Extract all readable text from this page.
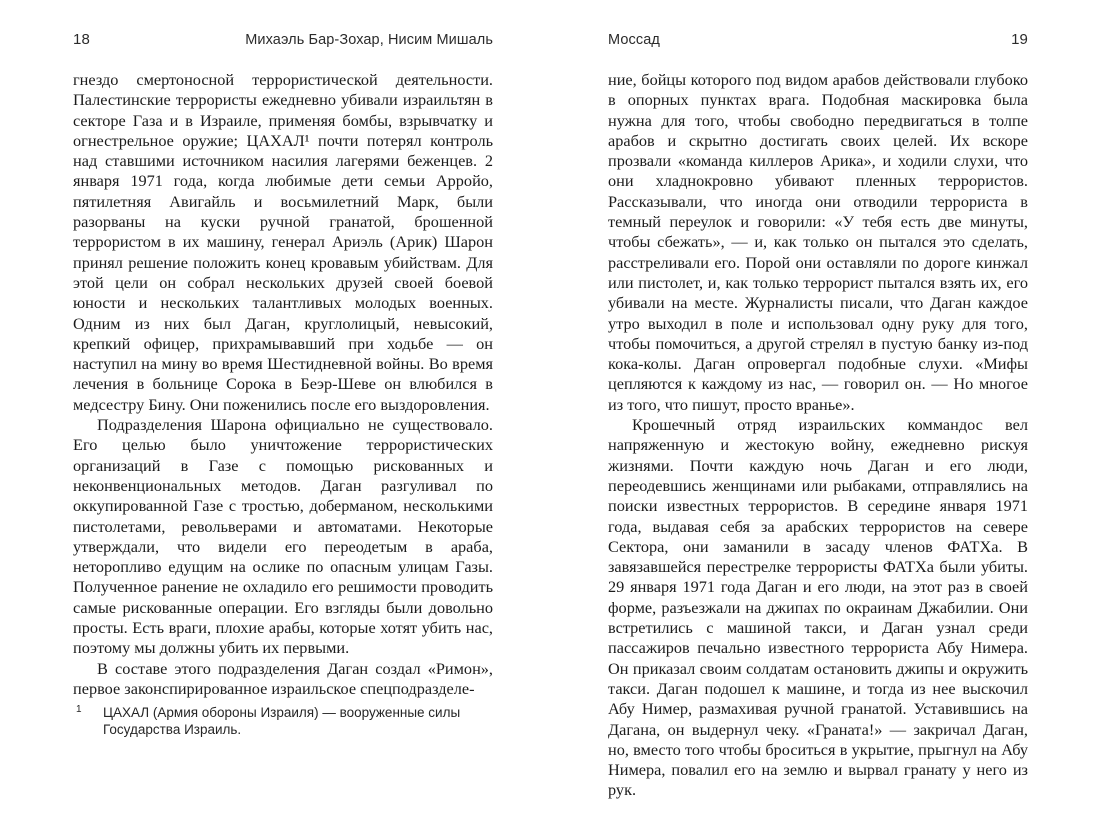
18	Михаэль Бар-Зохар, Нисим Мишаль

гнездо смертоносной террористической деятельности. Палестинские террористы ежедневно убивали израильтян в секторе Газа и в Израиле, применяя бомбы, взрывчатку и огнестрельное оружие; ЦАХАЛ¹ почти потерял контроль над ставшими источником насилия лагерями беженцев. 2 января 1971 года, когда любимые дети семьи Арройо, пятилетняя Авигайль и восьмилетний Марк, были разорваны на куски ручной гранатой, брошенной террористом в их машину, генерал Ариэль (Арик) Шарон принял решение положить конец кровавым убийствам. Для этой цели он собрал нескольких друзей своей боевой юности и нескольких талантливых молодых военных. Одним из них был Даган, круглолицый, невысокий, крепкий офицер, прихрамывавший при ходьбе — он наступил на мину во время Шестидневной войны. Во время лечения в больнице Сорока в Беэр-Шеве он влюбился в медсестру Бину. Они поженились после его выздоровления.

Подразделения Шарона официально не существовало. Его целью было уничтожение террористических организаций в Газе с помощью рискованных и неконвенциональных методов. Даган разгуливал по оккупированной Газе с тростью, доберманом, несколькими пистолетами, револьверами и автоматами. Некоторые утверждали, что видели его переодетым в араба, неторопливо едущим на ослике по опасным улицам Газы. Полученное ранение не охладило его решимости проводить самые рискованные операции. Его взгляды были довольно просты. Есть враги, плохие арабы, которые хотят убить нас, поэтому мы должны убить их первыми.

В составе этого подразделения Даган создал «Римон», первое законспирированное израильское спецподразделе-

1	ЦАХАЛ (Армия обороны Израиля) — вооруженные силы Государства Израиль.
Моссад	19

ние, бойцы которого под видом арабов действовали глубоко в опорных пунктах врага. Подобная маскировка была нужна для того, чтобы свободно передвигаться в толпе арабов и скрытно достигать своих целей. Их вскоре прозвали «команда киллеров Арика», и ходили слухи, что они хладнокровно убивают пленных террористов. Рассказывали, что иногда они отводили террориста в темный переулок и говорили: «У тебя есть две минуты, чтобы сбежать», — и, как только он пытался это сделать, расстреливали его. Порой они оставляли по дороге кинжал или пистолет, и, как только террорист пытался взять их, его убивали на месте. Журналисты писали, что Даган каждое утро выходил в поле и использовал одну руку для того, чтобы помочиться, а другой стрелял в пустую банку из-под кока-колы. Даган опровергал подобные слухи. «Мифы цепляются к каждому из нас, — говорил он. — Но многое из того, что пишут, просто вранье».

Крошечный отряд израильских коммандос вел напряженную и жестокую войну, ежедневно рискуя жизнями. Почти каждую ночь Даган и его люди, переодевшись женщинами или рыбаками, отправлялись на поиски известных террористов. В середине января 1971 года, выдавая себя за арабских террористов на севере Сектора, они заманили в засаду членов ФАТХа. В завязавшейся перестрелке террористы ФАТХа были убиты. 29 января 1971 года Даган и его люди, на этот раз в своей форме, разъезжали на джипах по окраинам Джабилии. Они встретились с машиной такси, и Даган узнал среди пассажиров печально известного террориста Абу Нимера. Он приказал своим солдатам остановить джипы и окружить такси. Даган подошел к машине, и тогда из нее выскочил Абу Нимер, размахивая ручной гранатой. Уставившись на Дагана, он выдернул чеку. «Граната!» — закричал Даган, но, вместо того чтобы броситься в укрытие, прыгнул на Абу Нимера, повалил его на землю и вырвал гранату у него из рук.
